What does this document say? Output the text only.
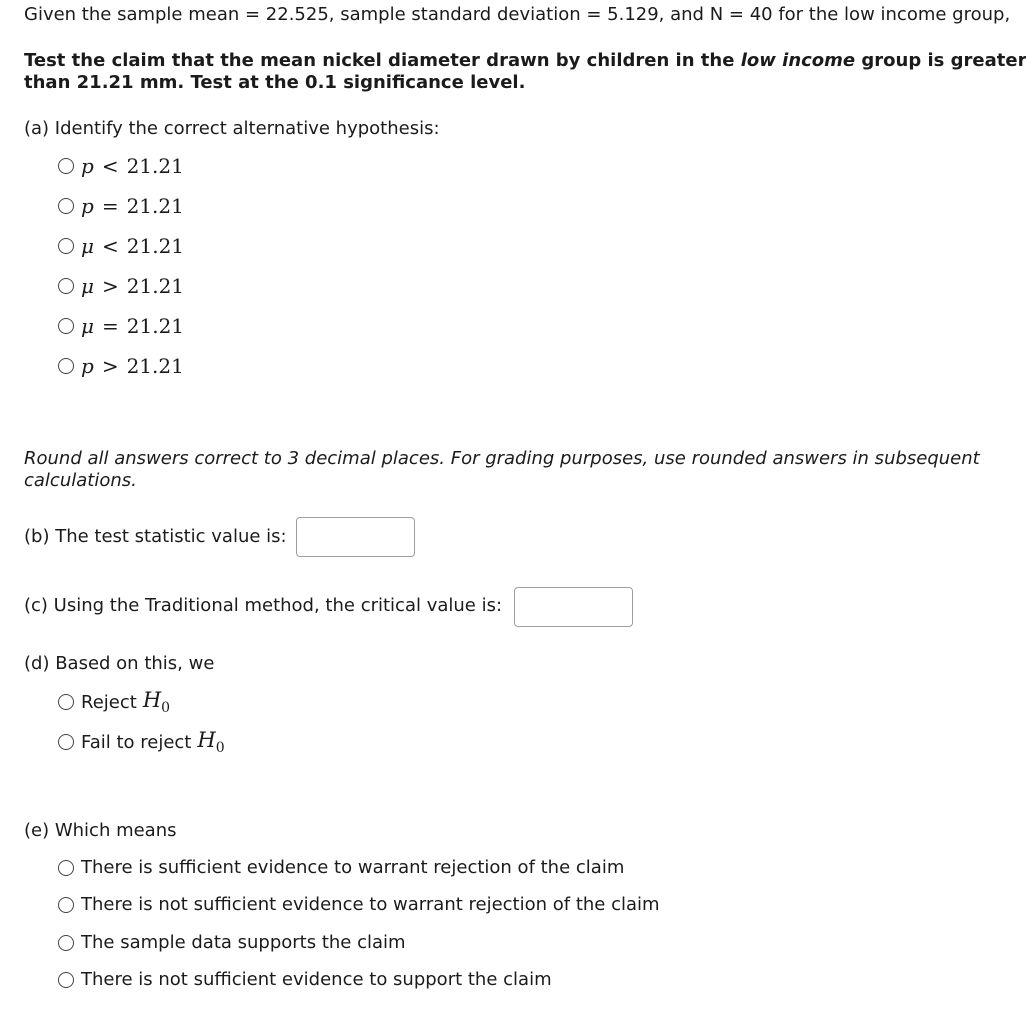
Given the sample mean = 22.525, sample standard deviation = 5.129, and N = 40 for the low income group,
Test the claim that the mean nickel diameter drawn by children in the low income group is greater
than 21.21 mm. Test at the 0.1 significance level.
(a) Identify the correct alternative hypothesis:
p < 21.21
p = 21.21
μ < 21.21
μ > 21.21
μ = 21.21
p > 21.21
Round all answers correct to 3 decimal places. For grading purposes, use rounded answers in subsequent
calculations.
(b) The test statistic value is:
(c) Using the Traditional method, the critical value is:
(d) Based on this, we
Reject $H_0$
Fail to reject $H_0$
(e) Which means
There is sufficient evidence to warrant rejection of the claim
There is not sufficient evidence to warrant rejection of the claim
The sample data supports the claim
There is not sufficient evidence to support the claim
